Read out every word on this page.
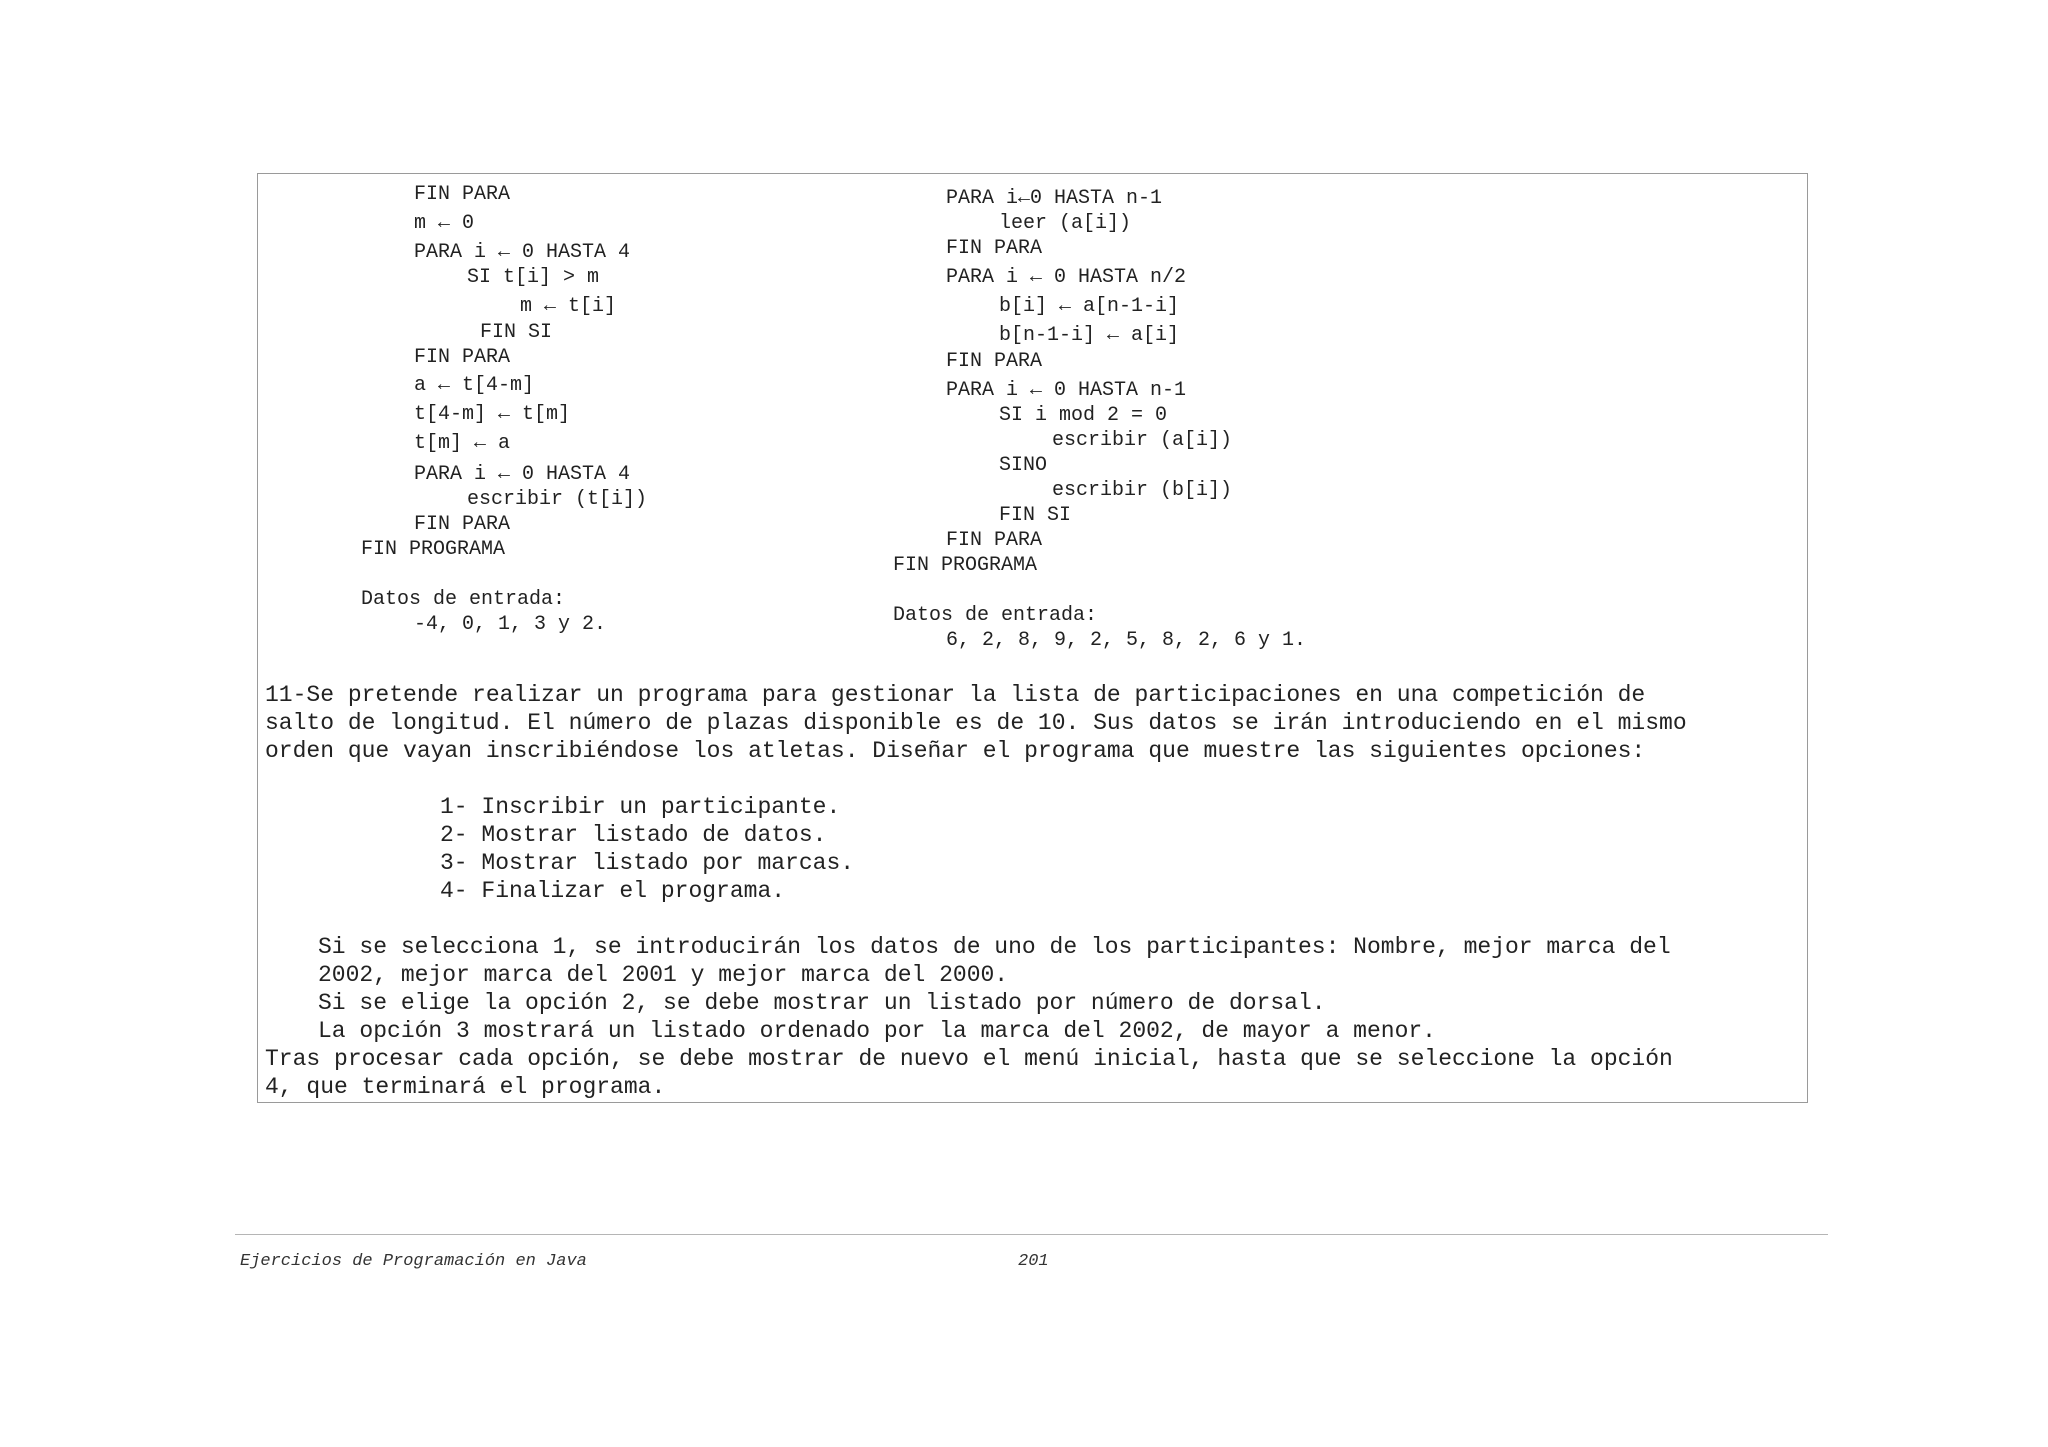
FIN PARA
m ← 0
PARA i ← 0 HASTA 4
SI t[i] > m
m ← t[i]
FIN SI
FIN PARA
a ← t[4-m]
t[4-m] ← t[m]
t[m] ← a
PARA i ← 0 HASTA 4
escribir (t[i])
FIN PARA
FIN PROGRAMA
Datos de entrada:
-4, 0, 1, 3 y 2.
PARA i←0 HASTA n-1
leer (a[i])
FIN PARA
PARA i ← 0 HASTA n/2
b[i] ← a[n-1-i]
b[n-1-i] ← a[i]
FIN PARA
PARA i ← 0 HASTA n-1
SI i mod 2 = 0
escribir (a[i])
SINO
escribir (b[i])
FIN SI
FIN PARA
FIN PROGRAMA
Datos de entrada:
6, 2, 8, 9, 2, 5, 8, 2, 6 y 1.
11-Se pretende realizar un programa para gestionar la lista de participaciones en una competición de
salto de longitud. El número de plazas disponible es de 10. Sus datos se irán introduciendo en el mismo
orden que vayan inscribiéndose los atletas. Diseñar el programa que muestre las siguientes opciones:
1- Inscribir un participante.
2- Mostrar listado de datos.
3- Mostrar listado por marcas.
4- Finalizar el programa.
Si se selecciona 1, se introducirán los datos de uno de los participantes: Nombre, mejor marca del
2002, mejor marca del 2001 y mejor marca del 2000.
Si se elige la opción 2, se debe mostrar un listado por número de dorsal.
La opción 3 mostrará un listado ordenado por la marca del 2002, de mayor a menor.
Tras procesar cada opción, se debe mostrar de nuevo el menú inicial, hasta que se seleccione la opción
4, que terminará el programa.
Ejercicios de Programación en Java	201
